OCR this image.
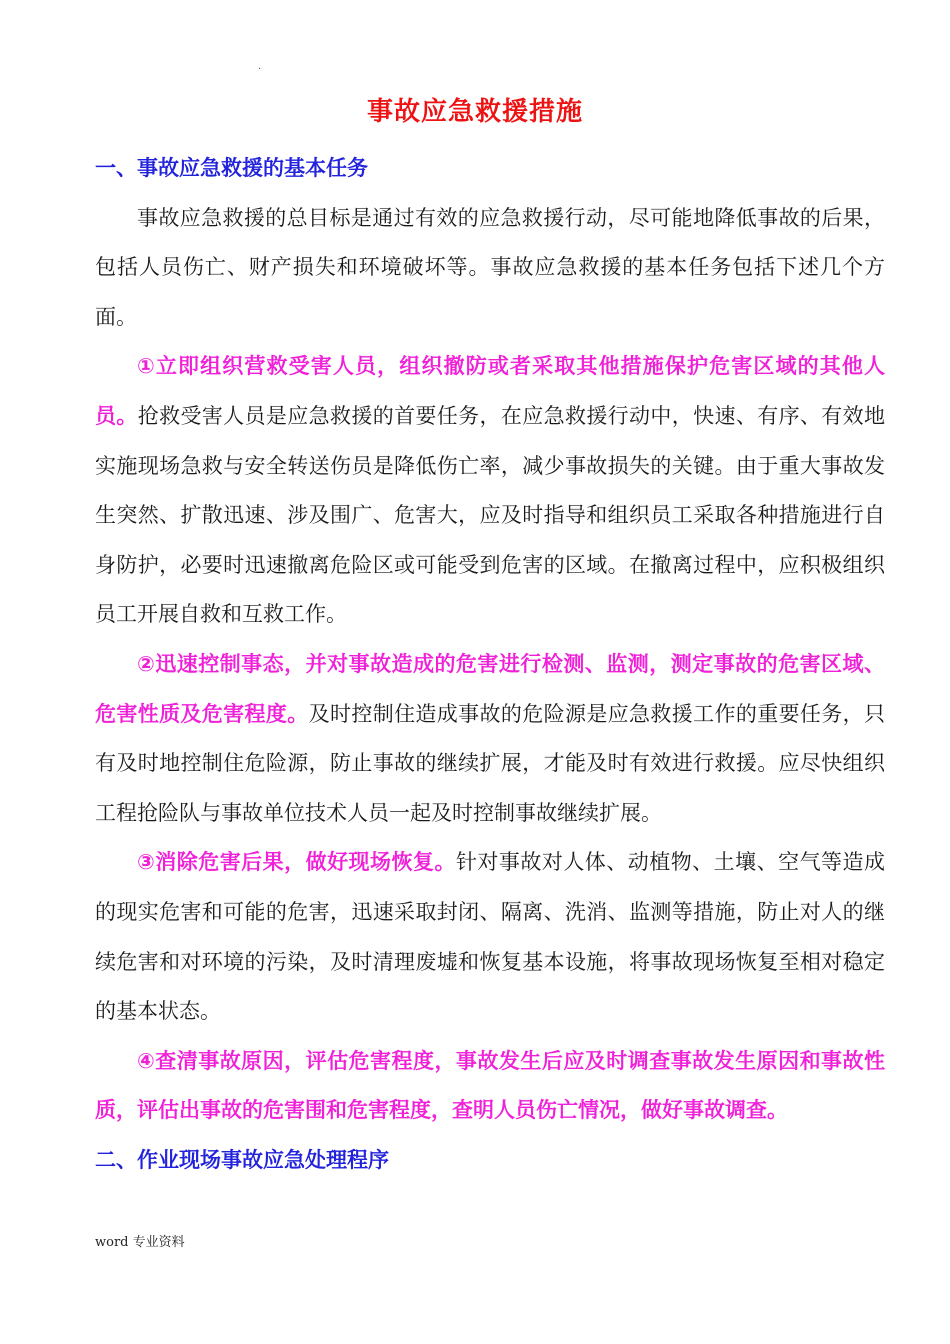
.
事故应急救援措施

一、事故应急救援的基本任务

事故应急救援的总目标是通过有效的应急救援行动，尽可能地降低事故的后果，包括人员伤亡、财产损失和环境破坏等。事故应急救援的基本任务包括下述几个方面。

①立即组织营救受害人员，组织撤防或者采取其他措施保护危害区域的其他人员。抢救受害人员是应急救援的首要任务，在应急救援行动中，快速、有序、有效地实施现场急救与安全转送伤员是降低伤亡率，减少事故损失的关键。由于重大事故发生突然、扩散迅速、涉及围广、危害大，应及时指导和组织员工采取各种措施进行自身防护，必要时迅速撤离危险区或可能受到危害的区域。在撤离过程中，应积极组织员工开展自救和互救工作。

②迅速控制事态，并对事故造成的危害进行检测、监测，测定事故的危害区域、危害性质及危害程度。及时控制住造成事故的危险源是应急救援工作的重要任务，只有及时地控制住危险源，防止事故的继续扩展，才能及时有效进行救援。应尽快组织工程抢险队与事故单位技术人员一起及时控制事故继续扩展。

③消除危害后果，做好现场恢复。针对事故对人体、动植物、土壤、空气等造成的现实危害和可能的危害，迅速采取封闭、隔离、洗消、监测等措施，防止对人的继续危害和对环境的污染，及时清理废墟和恢复基本设施，将事故现场恢复至相对稳定的基本状态。

④查清事故原因，评估危害程度，事故发生后应及时调查事故发生原因和事故性质，评估出事故的危害围和危害程度，查明人员伤亡情况，做好事故调查。

二、作业现场事故应急处理程序

word 专业资料
